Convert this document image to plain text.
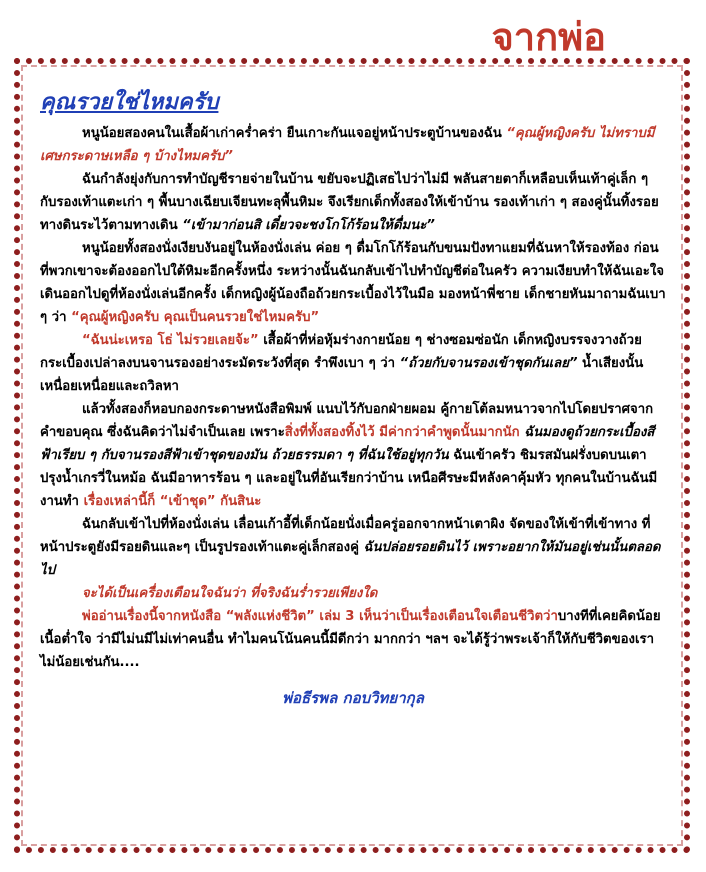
จากพ่อ
คุณรวยใช่ไหมครับ

หนูน้อยสองคนในเสื้อผ้าเก่าคร่ำคร่า ยืนเกาะกันแจอยู่หน้าประตูบ้านของฉัน “คุณผู้หญิงครับ ไม่ทราบมีเศษกระดาษเหลือ ๆ บ้างไหมครับ”

ฉันกำลังยุ่งกับการทำบัญชีรายจ่ายในบ้าน ขยับจะปฏิเสธไปว่าไม่มี พลันสายตาก็เหลือบเห็นเท้าคู่เล็ก ๆ กับรองเท้าแตะเก่า ๆ พื้นบางเฉียบเจียนทะลุพื้นหิมะ จึงเรียกเด็กทั้งสองให้เข้าบ้าน รองเท้าเก่า ๆ สองคู่นั้นทิ้งรอยทางดินระไว้ตามทางเดิน “เข้ามาก่อนสิ เดี๋ยวจะชงโกโก้ร้อนให้ดื่มนะ”

หนูน้อยทั้งสองนั่งเงียบงันอยู่ในห้องนั่งเล่น ค่อย ๆ ดื่มโกโก้ร้อนกับขนมปังทาแยมที่ฉันหาให้รองท้อง ก่อนที่พวกเขาจะต้องออกไปใต้หิมะอีกครั้งหนึ่ง ระหว่างนั้นฉันกลับเข้าไปทำบัญชีต่อในครัว ความเงียบทำให้ฉันเอะใจ เดินออกไปดูที่ห้องนั่งเล่นอีกครั้ง เด็กหญิงผู้น้องถือถ้วยกระเบื้องไว้ในมือ มองหน้าพี่ชาย เด็กชายหันมาถามฉันเบา ๆ ว่า “คุณผู้หญิงครับ คุณเป็นคนรวยใช่ไหมครับ”

“ฉันน่ะเหรอ โธ่ ไม่รวยเลยจ้ะ” เสื้อผ้าที่ห่อหุ้มร่างกายน้อย ๆ ช่างซอมซ่อนัก เด็กหญิงบรรจงวางถ้วยกระเบื้องเปล่าลงบนจานรองอย่างระมัดระวังที่สุด รำพึงเบา ๆ ว่า “ถ้วยกับจานรองเข้าชุดกันเลย” น้ำเสียงนั้นเหนื่อยเหนื่อยและถวิลหา

แล้วทั้งสองก็หอบกองกระดาษหนังสือพิมพ์ แนบไว้กับอกฝ่ายผอม คู้กายโต้ลมหนาวจากไปโดยปราศจากคำขอบคุณ ซึ่งฉันคิดว่าไม่จำเป็นเลย เพราะสิ่งที่ทั้งสองทิ้งไว้ มีค่ากว่าคำพูดนั้นมากนัก ฉันมองดูถ้วยกระเบื้องสีฟ้าเรียบ ๆ กับจานรองสีฟ้าเข้าชุดของมัน ถ้วยธรรมดา ๆ ที่ฉันใช้อยู่ทุกวัน ฉันเข้าครัว ชิมรสมันฝรั่งบดบนเตา ปรุงน้ำเกรวี่ในหม้อ ฉันมีอาหารร้อน ๆ และอยู่ในที่อันเรียกว่าบ้าน เหนือศีรษะมีหลังคาคุ้มหัว ทุกคนในบ้านฉันมีงานทำ เรื่องเหล่านี้ก็ “เข้าชุด” กันสินะ

ฉันกลับเข้าไปที่ห้องนั่งเล่น เลื่อนเก้าอี้ที่เด็กน้อยนั่งเมื่อครู่ออกจากหน้าเตาผิง จัดของให้เข้าที่เข้าทาง ที่หน้าประตูยังมีรอยดินและๆ เป็นรูปรองเท้าแตะคู่เล็กสองคู่ ฉันปล่อยรอยดินไว้ เพราะอยากให้มันอยู่เช่นนั้นตลอดไป

จะได้เป็นเครื่องเตือนใจฉันว่า ที่จริงฉันร่ำรวยเพียงใด

พ่ออ่านเรื่องนี้จากหนังสือ “พลังแห่งชีวิต” เล่ม 3 เห็นว่าเป็นเรื่องเตือนใจเตือนชีวิตว่าบางทีที่เคยคิดน้อยเนื้อต่ำใจ ว่ามีไม่นมีไม่เท่าคนอื่น ทำไมคนโน้นคนนี้มีดีกว่า มากกว่า ฯลฯ จะได้รู้ว่าพระเจ้าก็ให้กับชีวิตของเรา ไม่น้อยเช่นกัน....

พ่อธีรพล กอบวิทยากุล
